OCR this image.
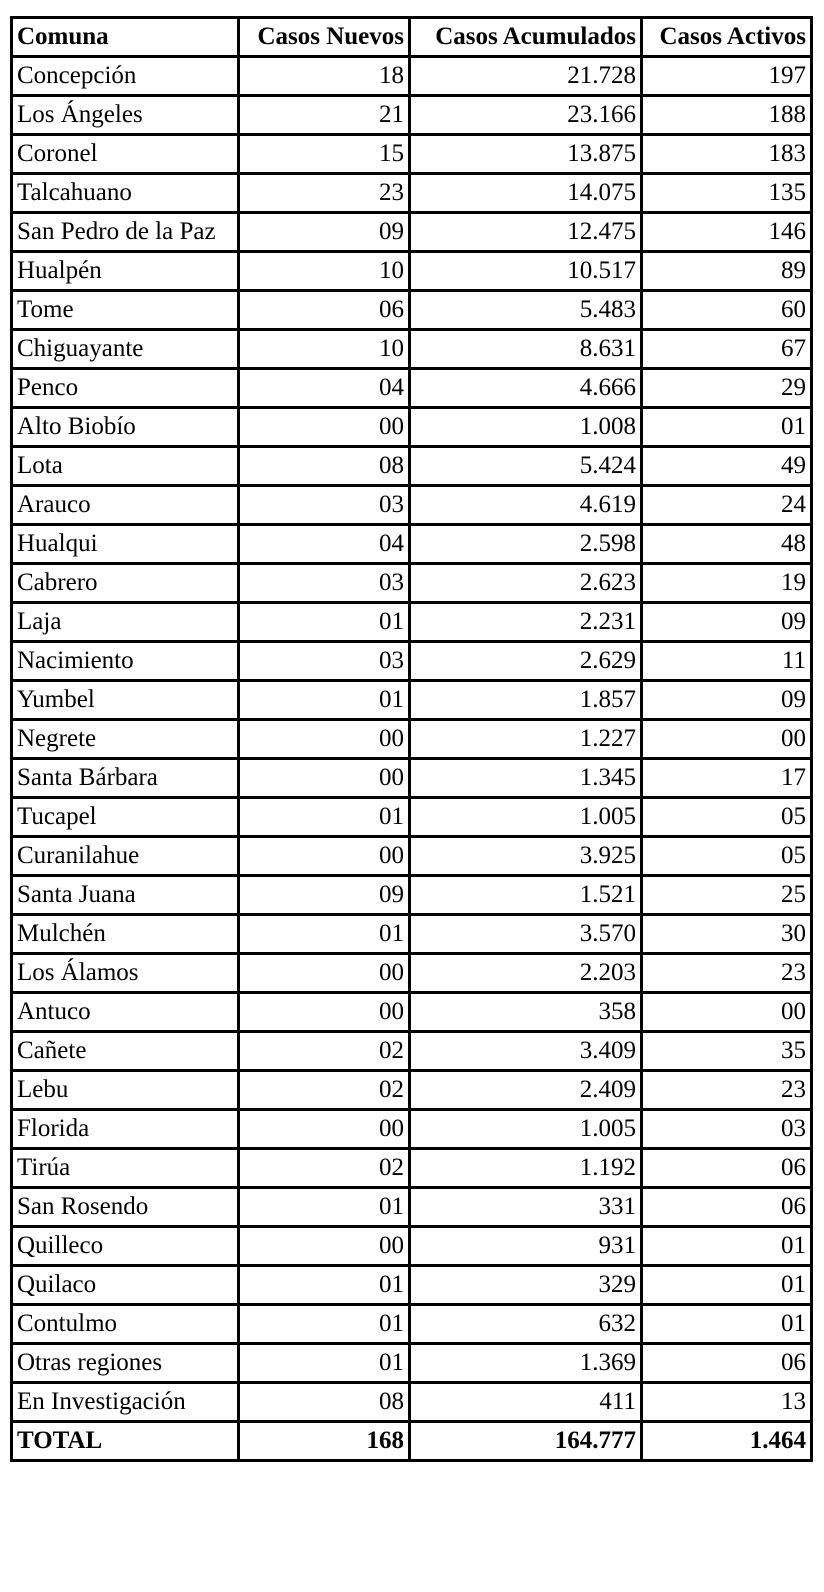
Comuna	Casos Nuevos	Casos Acumulados	Casos Activos
Concepción	18	21.728	197
Los Ángeles	21	23.166	188
Coronel	15	13.875	183
Talcahuano	23	14.075	135
San Pedro de la Paz	09	12.475	146
Hualpén	10	10.517	89
Tome	06	5.483	60
Chiguayante	10	8.631	67
Penco	04	4.666	29
Alto Biobío	00	1.008	01
Lota	08	5.424	49
Arauco	03	4.619	24
Hualqui	04	2.598	48
Cabrero	03	2.623	19
Laja	01	2.231	09
Nacimiento	03	2.629	11
Yumbel	01	1.857	09
Negrete	00	1.227	00
Santa Bárbara	00	1.345	17
Tucapel	01	1.005	05
Curanilahue	00	3.925	05
Santa Juana	09	1.521	25
Mulchén	01	3.570	30
Los Álamos	00	2.203	23
Antuco	00	358	00
Cañete	02	3.409	35
Lebu	02	2.409	23
Florida	00	1.005	03
Tirúa	02	1.192	06
San Rosendo	01	331	06
Quilleco	00	931	01
Quilaco	01	329	01
Contulmo	01	632	01
Otras regiones	01	1.369	06
En Investigación	08	411	13
TOTAL	168	164.777	1.464
